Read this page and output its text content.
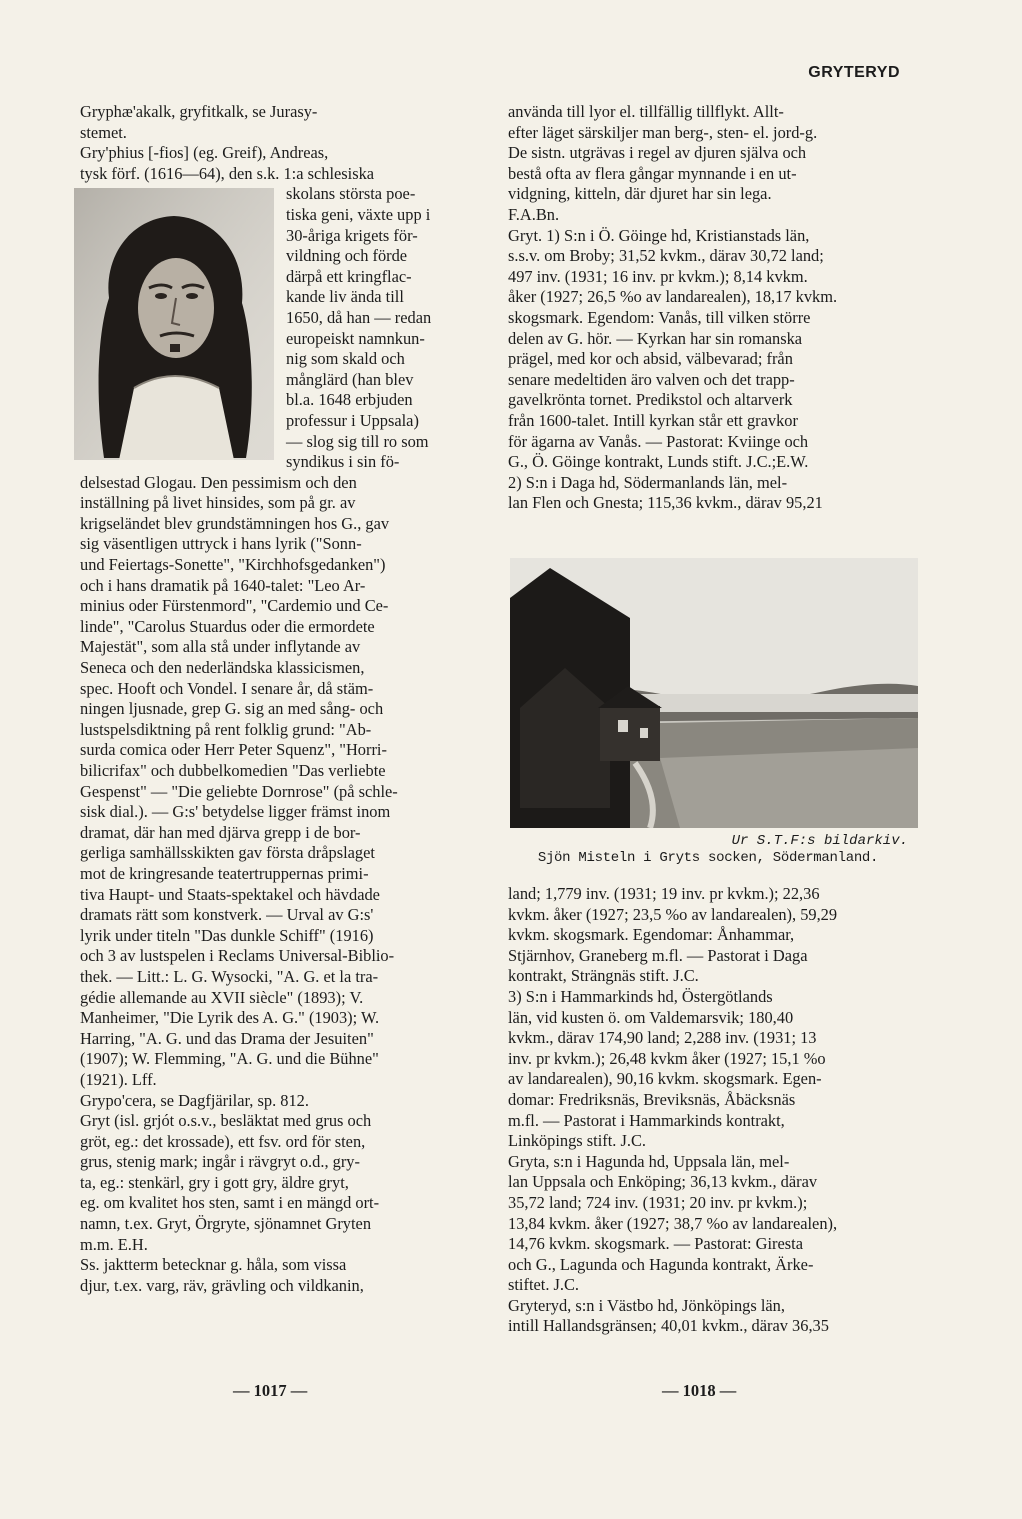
GRYTERYD
Gryphæ'akalk, gryfitkalk, se Jurasy-
stemet.
Gry'phius [-fios] (eg. Greif), Andreas,
tysk förf. (1616—64), den s.k. 1:a schlesiska

skolans största poe-
tiska geni, växte upp i
30-åriga krigets för-
vildning och förde
därpå ett kringflac-
kande liv ända till
1650, då han — redan
europeiskt namnkun-
nig som skald och
månglärd (han blev
bl.a. 1648 erbjuden
professur i Uppsala)
— slog sig till ro som
syndikus i sin fö-
delsestad Glogau. Den pessimism och den
inställning på livet hinsides, som på gr. av
krigseländet blev grundstämningen hos G., gav
sig väsentligen uttryck i hans lyrik ("Sonn-
und Feiertags-Sonette", "Kirchhofsgedanken")
och i hans dramatik på 1640-talet: "Leo Ar-
minius oder Fürstenmord", "Cardemio und Ce-
linde", "Carolus Stuardus oder die ermordete
Majestät", som alla stå under inflytande av
Seneca och den nederländska klassicismen,
spec. Hooft och Vondel. I senare år, då stäm-
ningen ljusnade, grep G. sig an med sång- och
lustspelsdiktning på rent folklig grund: "Ab-
surda comica oder Herr Peter Squenz", "Horri-
bilicrifax" och dubbelkomedien "Das verliebte
Gespenst" — "Die geliebte Dornrose" (på schle-
sisk dial.). — G:s' betydelse ligger främst inom
dramat, där han med djärva grepp i de bor-
gerliga samhällsskikten gav första dråpslaget
mot de kringresande teatertruppernas primi-
tiva Haupt- und Staats-spektakel och hävdade
dramats rätt som konstverk. — Urval av G:s'
lyrik under titeln "Das dunkle Schiff" (1916)
och 3 av lustspelen i Reclams Universal-Biblio-
thek. — Litt.: L. G. Wysocki, "A. G. et la tra-
gédie allemande au XVII siècle" (1893); V.
Manheimer, "Die Lyrik des A. G." (1903); W.
Harring, "A. G. und das Drama der Jesuiten"
(1907); W. Flemming, "A. G. und die Bühne"
(1921). Lff.
Grypo'cera, se Dagfjärilar, sp. 812.
Gryt (isl. grjót o.s.v., besläktat med grus och
gröt, eg.: det krossade), ett fsv. ord för sten,
grus, stenig mark; ingår i rävgryt o.d., gry-
ta, eg.: stenkärl, gry i gott gry, äldre gryt,
eg. om kvalitet hos sten, samt i en mängd ort-
namn, t.ex. Gryt, Örgryte, sjönamnet Gryten
m.m. E.H.
Ss. jaktterm betecknar g. håla, som vissa
djur, t.ex. varg, räv, grävling och vildkanin,
använda till lyor el. tillfällig tillflykt. Allt-
efter läget särskiljer man berg-, sten- el. jord-g.
De sistn. utgrävas i regel av djuren själva och
bestå ofta av flera gångar mynnande i en ut-
vidgning, kitteln, där djuret har sin lega.
F.A.Bn.
Gryt. 1) S:n i Ö. Göinge hd, Kristianstads län,
s.s.v. om Broby; 31,52 kvkm., därav 30,72 land;
497 inv. (1931; 16 inv. pr kvkm.); 8,14 kvkm.
åker (1927; 26,5 %o av landarealen), 18,17 kvkm.
skogsmark. Egendom: Vanås, till vilken större
delen av G. hör. — Kyrkan har sin romanska
prägel, med kor och absid, välbevarad; från
senare medeltiden äro valven och det trapp-
gavelkrönta tornet. Predikstol och altarverk
från 1600-talet. Intill kyrkan står ett gravkor
för ägarna av Vanås. — Pastorat: Kviinge och
G., Ö. Göinge kontrakt, Lunds stift. J.C.;E.W.
2) S:n i Daga hd, Södermanlands län, mel-
lan Flen och Gnesta; 115,36 kvkm., därav 95,21
Ur S.T.F:s bildarkiv.
Sjön Misteln i Gryts socken, Södermanland.
land; 1,779 inv. (1931; 19 inv. pr kvkm.); 22,36
kvkm. åker (1927; 23,5 %o av landarealen), 59,29
kvkm. skogsmark. Egendomar: Ånhammar,
Stjärnhov, Graneberg m.fl. — Pastorat i Daga
kontrakt, Strängnäs stift. J.C.
3) S:n i Hammarkinds hd, Östergötlands
län, vid kusten ö. om Valdemarsvik; 180,40
kvkm., därav 174,90 land; 2,288 inv. (1931; 13
inv. pr kvkm.); 26,48 kvkm åker (1927; 15,1 %o
av landarealen), 90,16 kvkm. skogsmark. Egen-
domar: Fredriksnäs, Breviksnäs, Åbäcksnäs
m.fl. — Pastorat i Hammarkinds kontrakt,
Linköpings stift. J.C.
Gryta, s:n i Hagunda hd, Uppsala län, mel-
lan Uppsala och Enköping; 36,13 kvkm., därav
35,72 land; 724 inv. (1931; 20 inv. pr kvkm.);
13,84 kvkm. åker (1927; 38,7 %o av landarealen),
14,76 kvkm. skogsmark. — Pastorat: Giresta
och G., Lagunda och Hagunda kontrakt, Ärke-
stiftet. J.C.
Gryteryd, s:n i Västbo hd, Jönköpings län,
intill Hallandsgränsen; 40,01 kvkm., därav 36,35
— 1017 —	— 1018 —
